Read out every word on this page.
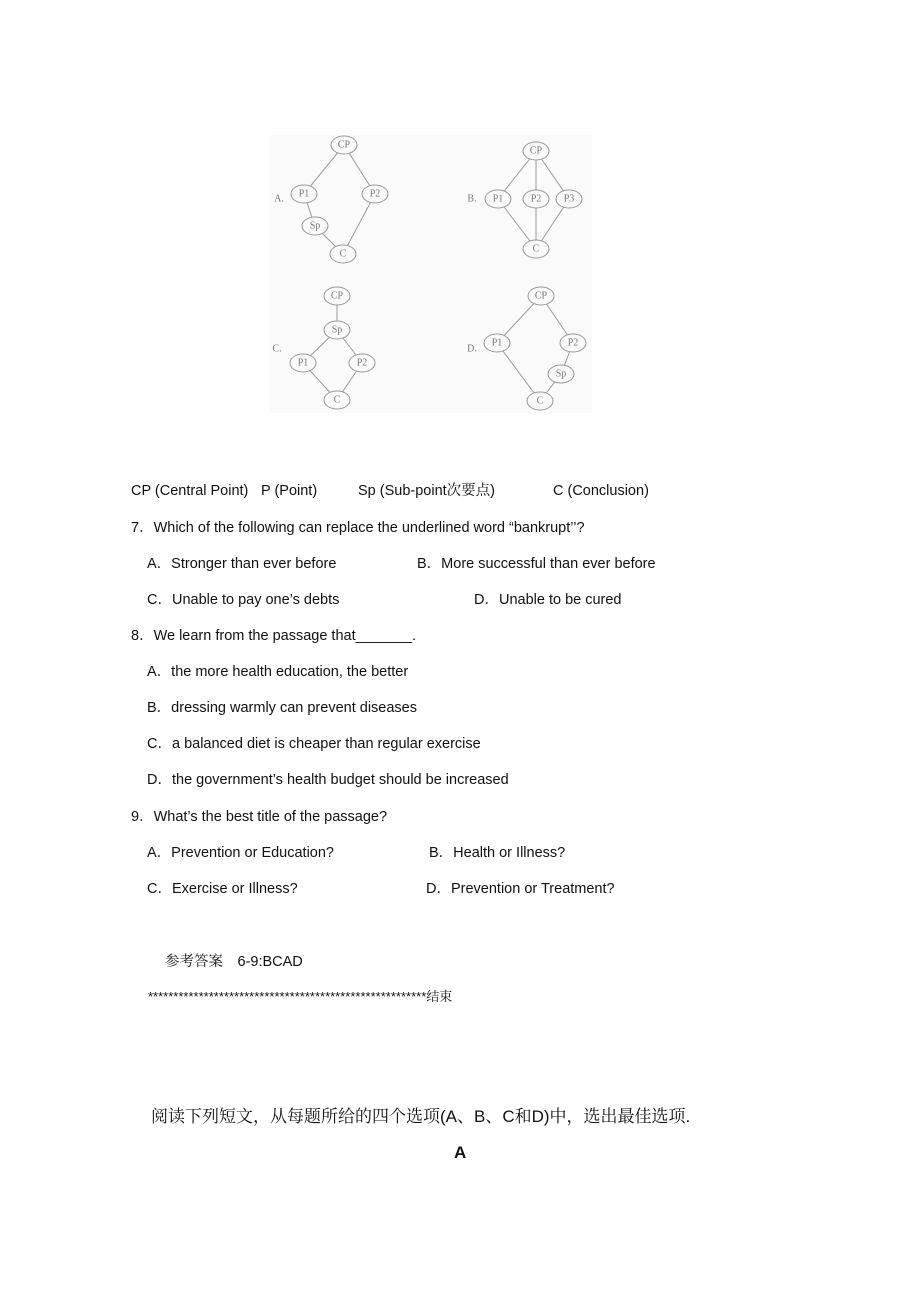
A.
CP
P1	P2
Sp
C
B.
CP
P1	P2 P3
C
C.
CP
Sp
P1	P2
C
D.
CP
P1	P2
Sp
C
CP (Central Point) P (Point)	Sp (Sub-point次要点)	C (Conclusion)
7．Which of the following can replace the underlined word “bankrupt’’?
A．Stronger than ever before	B．More successful than ever before
C．Unable to pay one’s debts	D．Unable to be cured
8．We learn from the passage that_______.
A．the more health education, the better
B．dressing warmly can prevent diseases
C．a balanced diet is cheaper than regular exercise
D．the government’s health budget should be increased
9．What’s the best title of the passage?
A．Prevention or Education?	B．Health or Illness?
C．Exercise or Illness?	D．Prevention or Treatment?
参考答案　6-9:BCAD
*******************************************************结束
阅读下列短文，从每题所给的四个选项(A、B、C和D)中，选出最佳选项.
A
